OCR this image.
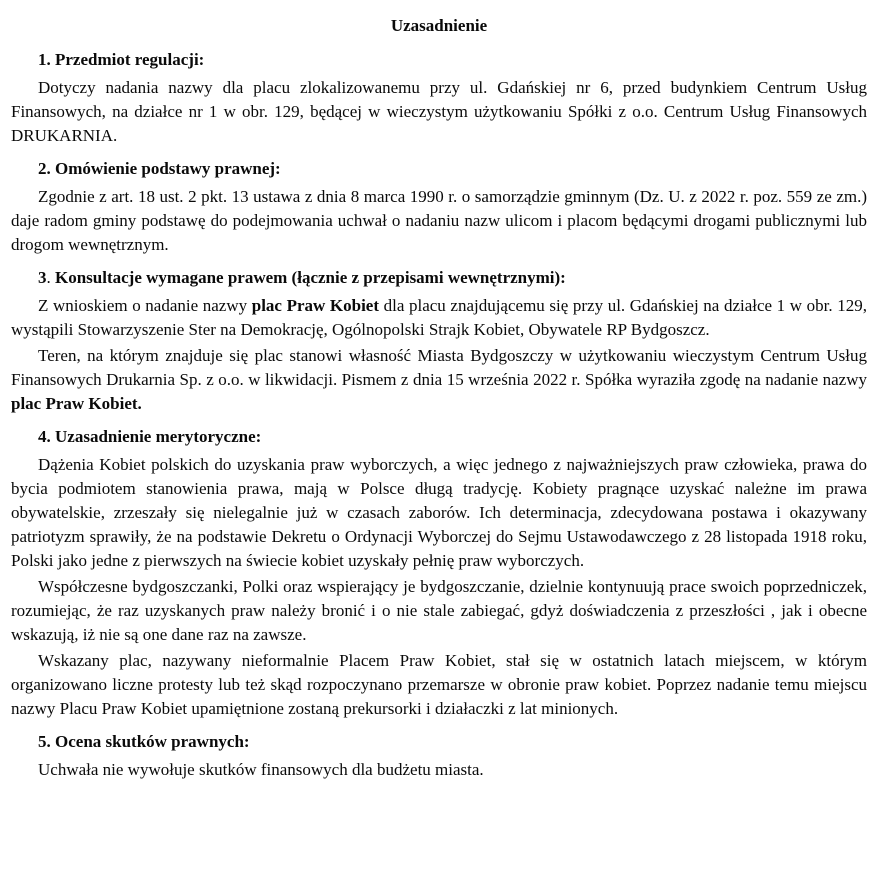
Uzasadnienie
1. Przedmiot regulacji:
Dotyczy nadania nazwy dla placu zlokalizowanemu przy ul. Gdańskiej nr 6, przed budynkiem Centrum Usług Finansowych, na działce nr 1 w obr. 129, będącej w wieczystym użytkowaniu Spółki z o.o. Centrum Usług Finansowych DRUKARNIA.
2. Omówienie podstawy prawnej:
Zgodnie z art. 18 ust. 2 pkt. 13 ustawa z dnia 8 marca 1990 r. o samorządzie gminnym (Dz. U. z 2022 r. poz. 559 ze zm.) daje radom gminy podstawę do podejmowania uchwał o nadaniu nazw ulicom i placom będącymi drogami publicznymi lub drogom wewnętrznym.
3. Konsultacje wymagane prawem (łącznie z przepisami wewnętrznymi):
Z wnioskiem o nadanie nazwy plac Praw Kobiet dla placu znajdującemu się przy ul. Gdańskiej na działce 1 w obr. 129, wystąpili Stowarzyszenie Ster na Demokrację, Ogólnopolski Strajk Kobiet, Obywatele RP Bydgoszcz.
Teren, na którym znajduje się plac stanowi własność Miasta Bydgoszczy w użytkowaniu wieczystym Centrum Usług Finansowych Drukarnia Sp. z o.o. w likwidacji. Pismem z dnia 15 września 2022 r. Spółka wyraziła zgodę na nadanie nazwy plac Praw Kobiet.
4. Uzasadnienie merytoryczne:
Dążenia Kobiet polskich do uzyskania praw wyborczych, a więc jednego z najważniejszych praw człowieka, prawa do bycia podmiotem stanowienia prawa, mają w Polsce długą tradycję. Kobiety pragnące uzyskać należne im prawa obywatelskie, zrzeszały się nielegalnie już w czasach zaborów. Ich determinacja, zdecydowana postawa i okazywany patriotyzm sprawiły, że na podstawie Dekretu o Ordynacji Wyborczej do Sejmu Ustawodawczego z 28 listopada 1918 roku, Polski jako jedne z pierwszych na świecie kobiet uzyskały pełnię praw wyborczych.
Współczesne bydgoszczanki, Polki oraz wspierający je bydgoszczanie, dzielnie kontynuują prace swoich poprzedniczek, rozumiejąc, że raz uzyskanych praw należy bronić i o nie stale zabiegać, gdyż doświadczenia z przeszłości , jak i obecne wskazują, iż nie są one dane raz na zawsze.
Wskazany plac, nazywany nieformalnie Placem Praw Kobiet, stał się w ostatnich latach miejscem, w którym organizowano liczne protesty lub też skąd rozpoczynano przemarsze w obronie praw kobiet. Poprzez nadanie temu miejscu nazwy Placu Praw Kobiet upamiętnione zostaną prekursorki i działaczki z lat minionych.
5. Ocena skutków prawnych:
Uchwała nie wywołuje skutków finansowych dla budżetu miasta.
